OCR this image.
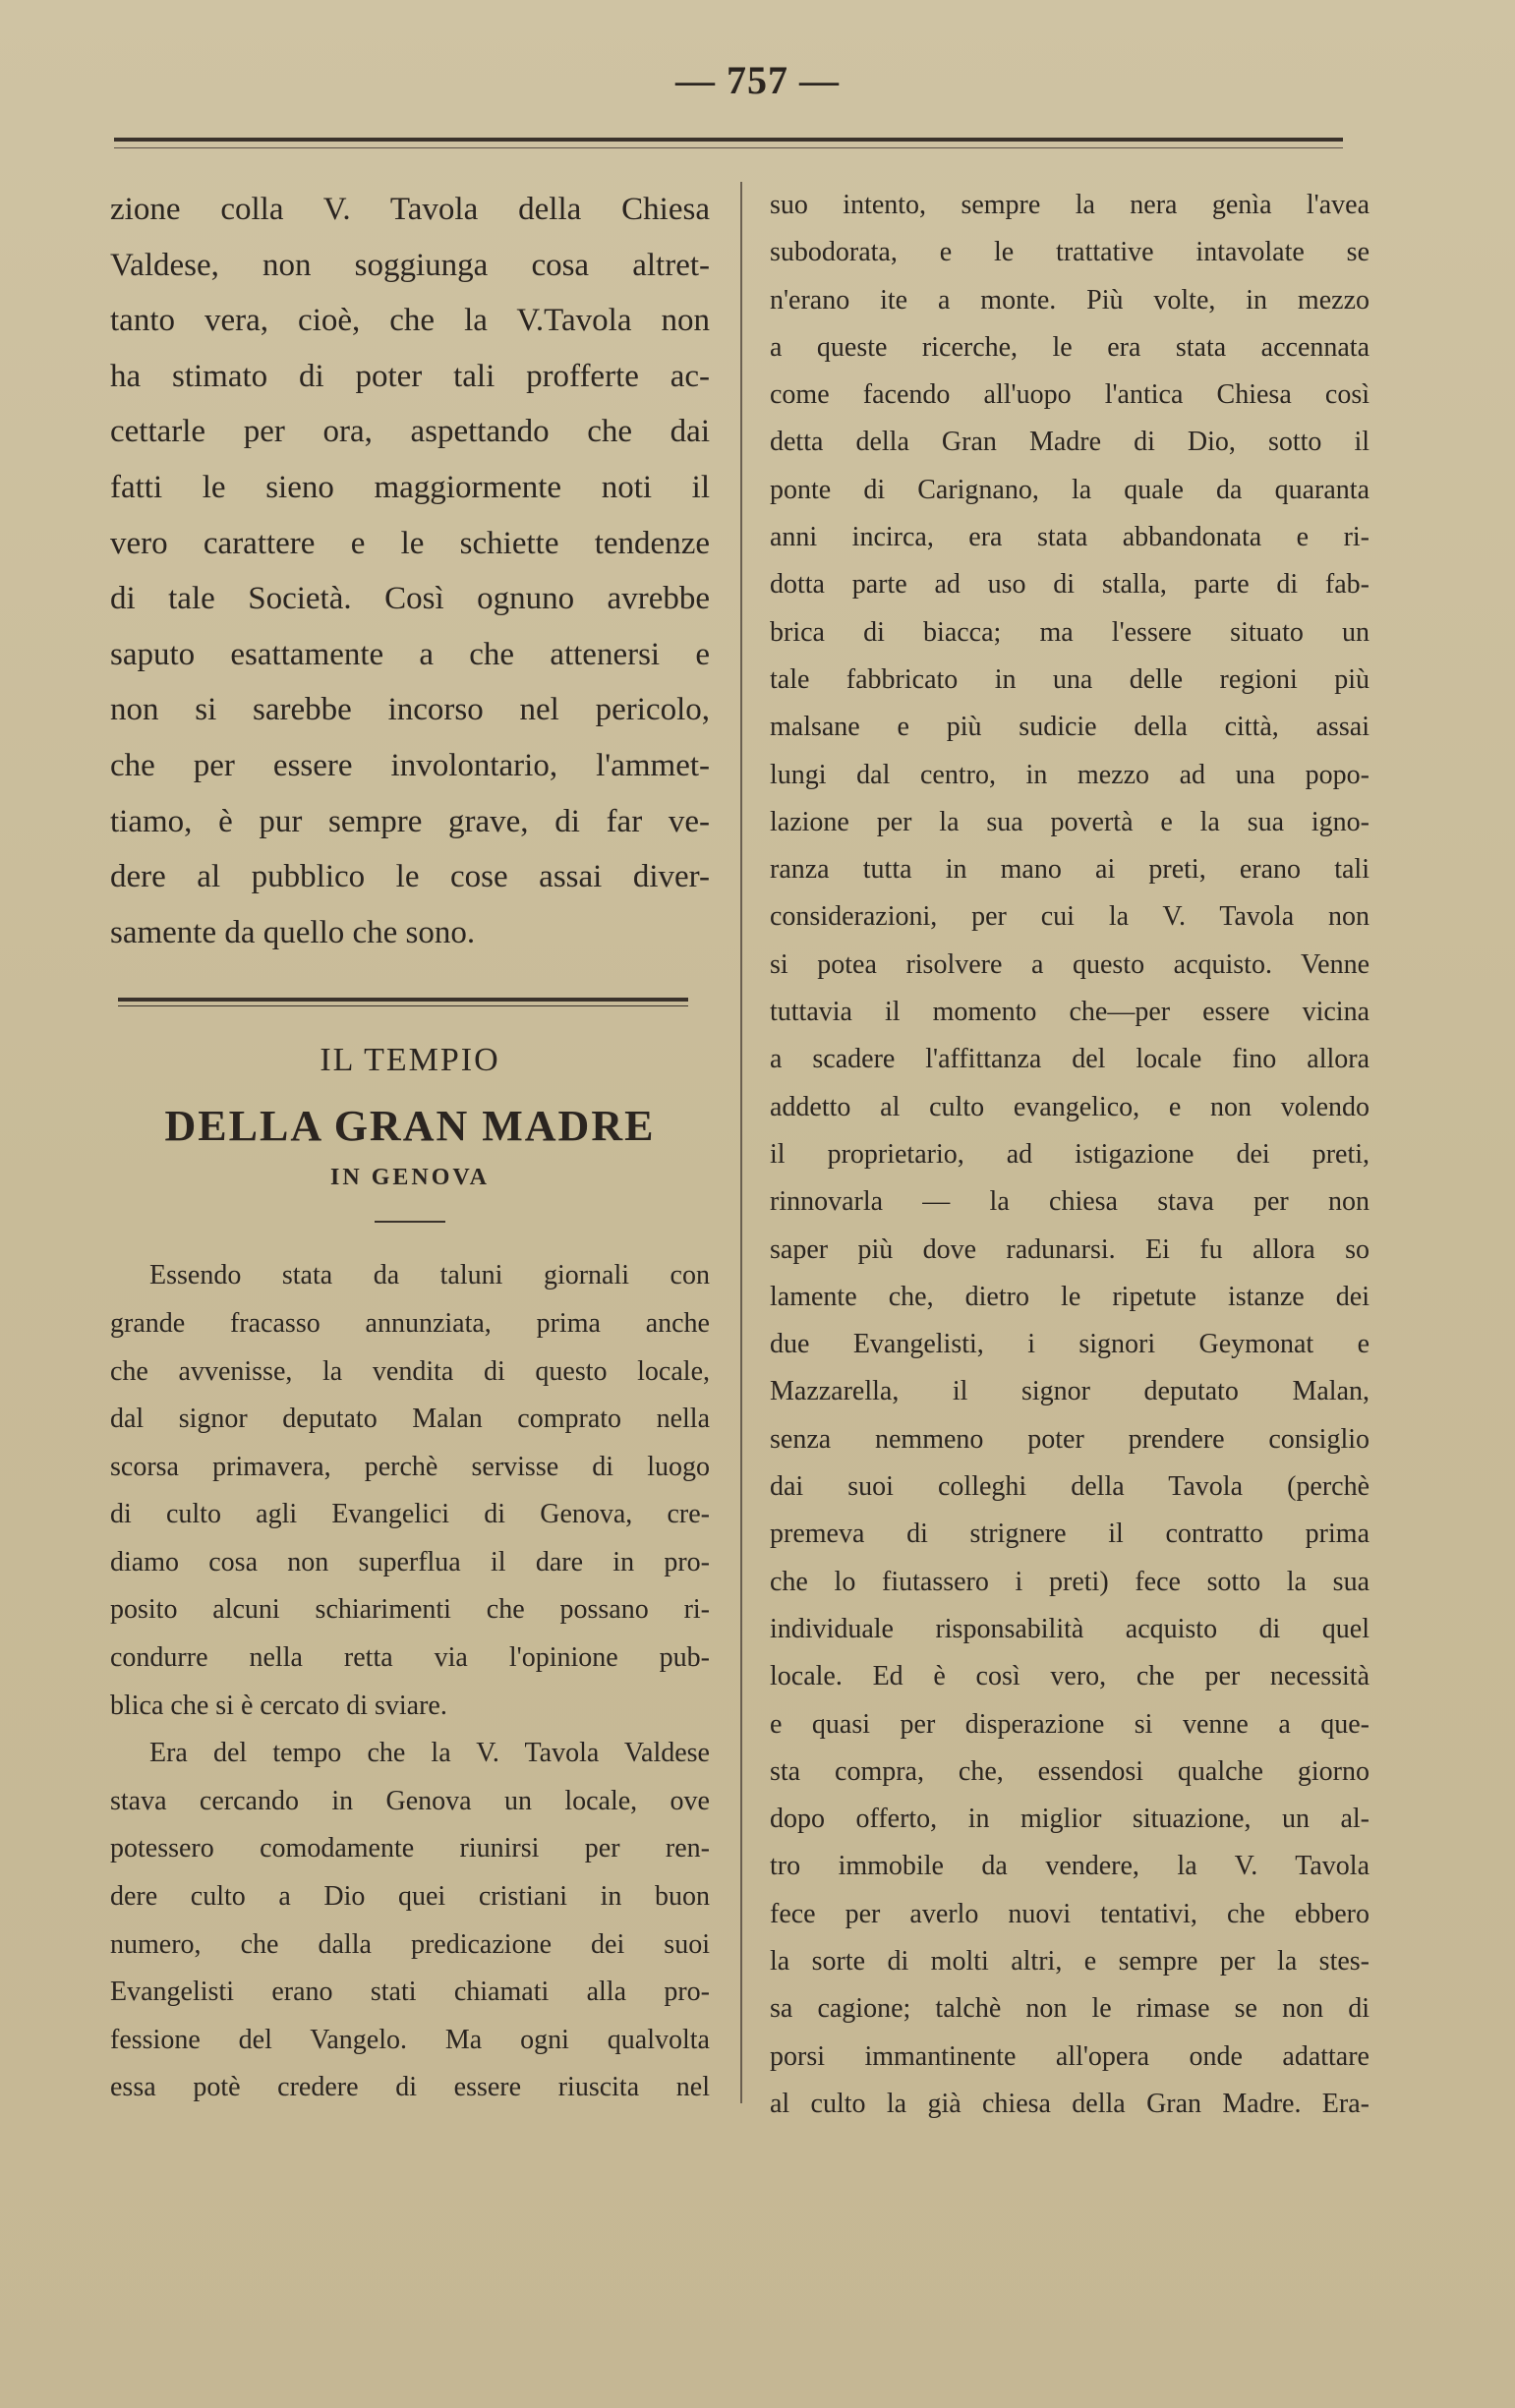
— 757 —
zione colla V. Tavola della Chiesa
Valdese, non soggiunga cosa altret-
tanto vera, cioè, che la V.Tavola non
ha stimato di poter tali profferte ac-
cettarle per ora, aspettando che dai
fatti le sieno maggiormente noti il
vero carattere e le schiette tendenze
di tale Società. Così ognuno avrebbe
saputo esattamente a che attenersi e
non si sarebbe incorso nel pericolo,
che per essere involontario, l'ammet-
tiamo, è pur sempre grave, di far ve-
dere al pubblico le cose assai diver-
samente da quello che sono.
IL TEMPIO
DELLA GRAN MADRE
IN GENOVA
Essendo stata da taluni giornali con
grande fracasso annunziata, prima anche
che avvenisse, la vendita di questo locale,
dal signor deputato Malan comprato nella
scorsa primavera, perchè servisse di luogo
di culto agli Evangelici di Genova, cre-
diamo cosa non superflua il dare in pro-
posito alcuni schiarimenti che possano ri-
condurre nella retta via l'opinione pub-
blica che si è cercato di sviare.
Era del tempo che la V. Tavola Valdese
stava cercando in Genova un locale, ove
potessero comodamente riunirsi per ren-
dere culto a Dio quei cristiani in buon
numero, che dalla predicazione dei suoi
Evangelisti erano stati chiamati alla pro-
fessione del Vangelo. Ma ogni qualvolta
essa potè credere di essere riuscita nel
suo intento, sempre la nera genìa l'avea
subodorata, e le trattative intavolate se
n'erano ite a monte. Più volte, in mezzo
a queste ricerche, le era stata accennata
come facendo all'uopo l'antica Chiesa così
detta della Gran Madre di Dio, sotto il
ponte di Carignano, la quale da quaranta
anni incirca, era stata abbandonata e ri-
dotta parte ad uso di stalla, parte di fab-
brica di biacca; ma l'essere situato un
tale fabbricato in una delle regioni più
malsane e più sudicie della città, assai
lungi dal centro, in mezzo ad una popo-
lazione per la sua povertà e la sua igno-
ranza tutta in mano ai preti, erano tali
considerazioni, per cui la V. Tavola non
si potea risolvere a questo acquisto. Venne
tuttavia il momento che—per essere vicina
a scadere l'affittanza del locale fino allora
addetto al culto evangelico, e non volendo
il proprietario, ad istigazione dei preti,
rinnovarla — la chiesa stava per non
saper più dove radunarsi. Ei fu allora so
lamente che, dietro le ripetute istanze dei
due Evangelisti, i signori Geymonat e
Mazzarella, il signor deputato Malan,
senza nemmeno poter prendere consiglio
dai suoi colleghi della Tavola (perchè
premeva di strignere il contratto prima
che lo fiutassero i preti) fece sotto la sua
individuale risponsabilità acquisto di quel
locale. Ed è così vero, che per necessità
e quasi per disperazione si venne a que-
sta compra, che, essendosi qualche giorno
dopo offerto, in miglior situazione, un al-
tro immobile da vendere, la V. Tavola
fece per averlo nuovi tentativi, che ebbero
la sorte di molti altri, e sempre per la stes-
sa cagione; talchè non le rimase se non di
porsi immantinente all'opera onde adattare
al culto la già chiesa della Gran Madre. Era-
